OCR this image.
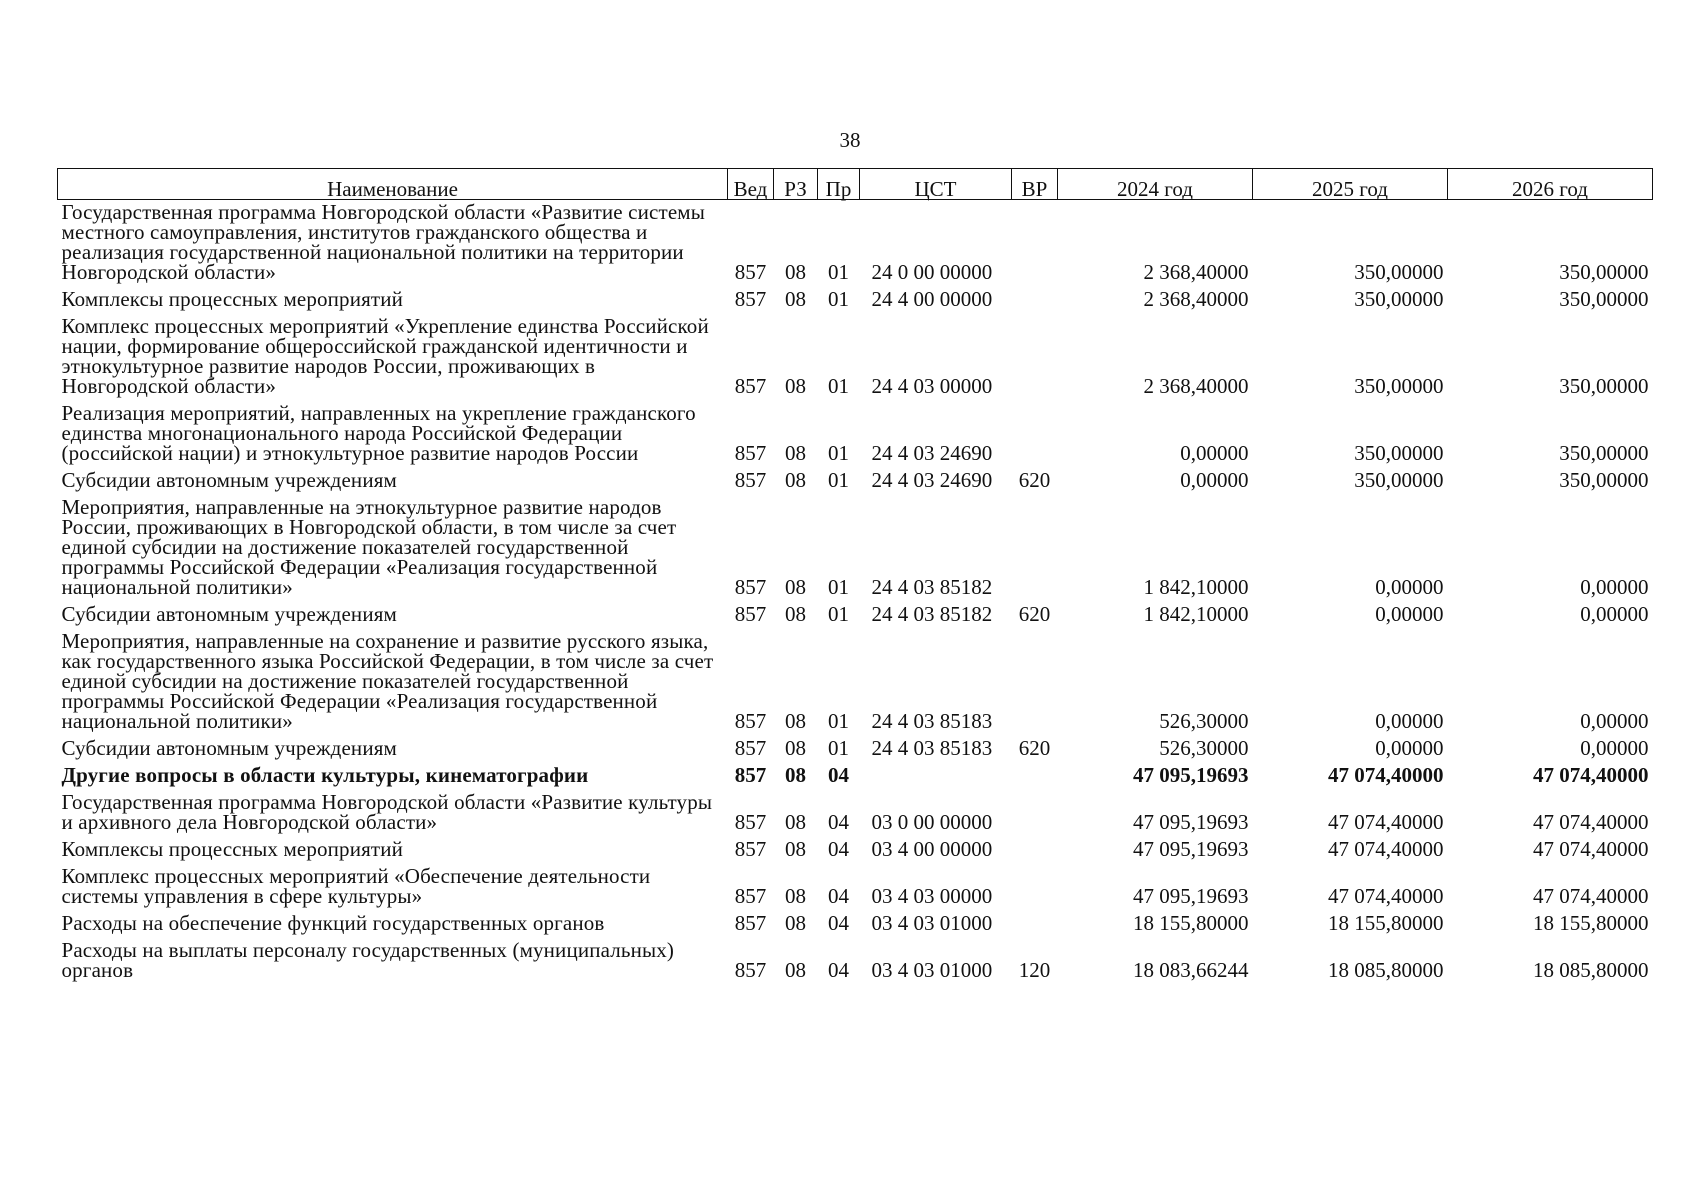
38
Наименование	Вед	РЗ	Пр	ЦСТ	ВР	2024 год	2025 год	2026 год
Государственная программа Новгородской области «Развитие системы местного самоуправления, институтов гражданского общества и реализация государственной национальной политики на территории Новгородской области»	857	08	01	24 0 00 00000		2 368,40000	350,00000	350,00000
Комплексы процессных мероприятий	857	08	01	24 4 00 00000		2 368,40000	350,00000	350,00000
Комплекс процессных мероприятий «Укрепление единства Российской нации, формирование общероссийской гражданской идентичности и этнокультурное развитие народов России, проживающих в Новгородской области»	857	08	01	24 4 03 00000		2 368,40000	350,00000	350,00000
Реализация мероприятий, направленных на укрепление гражданского единства многонационального народа Российской Федерации (российской нации) и этнокультурное развитие народов России	857	08	01	24 4 03 24690		0,00000	350,00000	350,00000
Субсидии автономным учреждениям	857	08	01	24 4 03 24690	620	0,00000	350,00000	350,00000
Мероприятия, направленные на этнокультурное развитие народов России, проживающих в Новгородской области, в том числе за счет единой субсидии на достижение показателей государственной программы Российской Федерации «Реализация государственной национальной политики»	857	08	01	24 4 03 85182		1 842,10000	0,00000	0,00000
Субсидии автономным учреждениям	857	08	01	24 4 03 85182	620	1 842,10000	0,00000	0,00000
Мероприятия, направленные на сохранение и развитие русского языка, как государственного языка Российской Федерации, в том числе за счет единой субсидии на достижение показателей государственной программы Российской Федерации «Реализация государственной национальной политики»	857	08	01	24 4 03 85183		526,30000	0,00000	0,00000
Субсидии автономным учреждениям	857	08	01	24 4 03 85183	620	526,30000	0,00000	0,00000
Другие вопросы в области культуры, кинематографии	857	08	04			47 095,19693	47 074,40000	47 074,40000
Государственная программа Новгородской области «Развитие культуры и архивного дела Новгородской области»	857	08	04	03 0 00 00000		47 095,19693	47 074,40000	47 074,40000
Комплексы процессных мероприятий	857	08	04	03 4 00 00000		47 095,19693	47 074,40000	47 074,40000
Комплекс процессных мероприятий «Обеспечение деятельности системы управления в сфере культуры»	857	08	04	03 4 03 00000		47 095,19693	47 074,40000	47 074,40000
Расходы на обеспечение функций государственных органов	857	08	04	03 4 03 01000		18 155,80000	18 155,80000	18 155,80000
Расходы на выплаты персоналу государственных (муниципальных) органов	857	08	04	03 4 03 01000	120	18 083,66244	18 085,80000	18 085,80000
